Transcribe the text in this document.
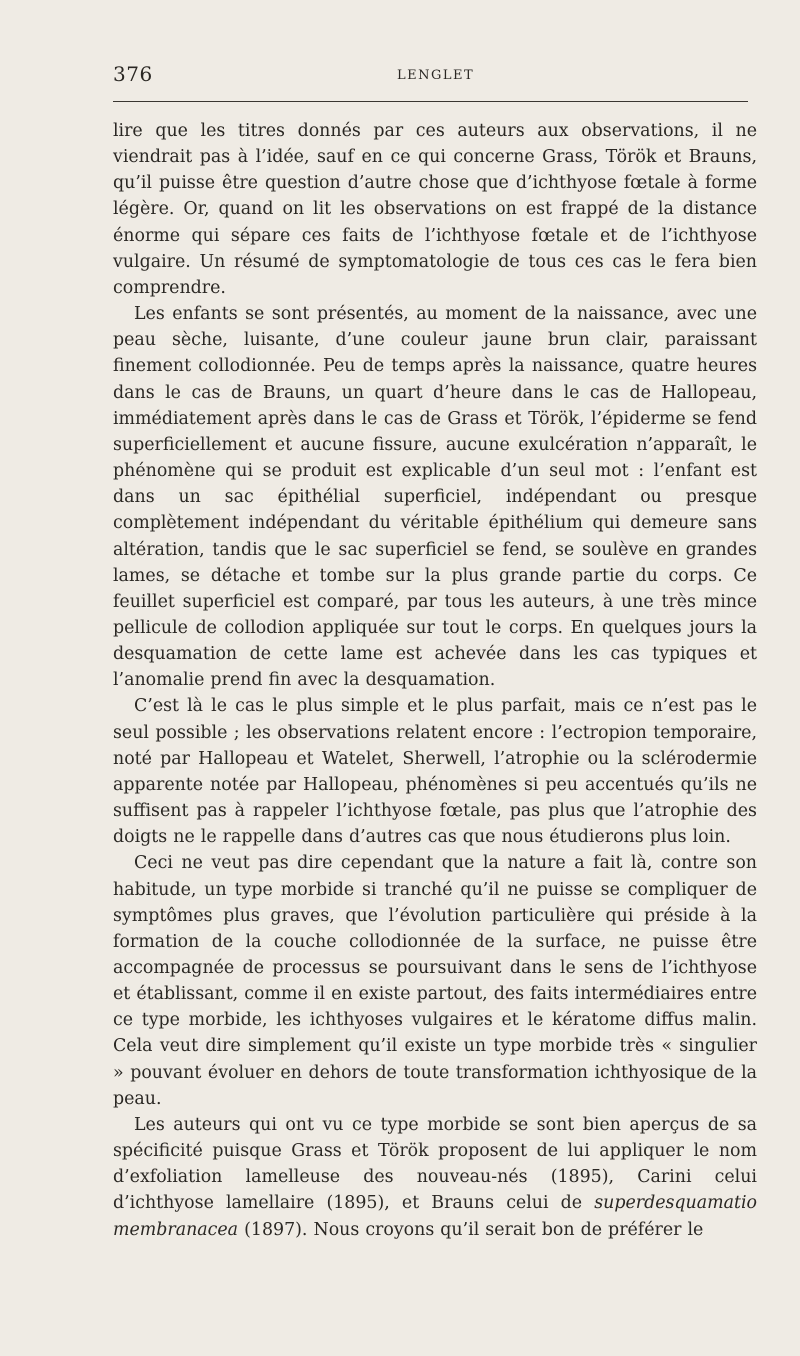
376	LENGLET

lire que les titres donnés par ces auteurs aux observations, il ne viendrait pas à l’idée, sauf en ce qui concerne Grass, Török et Brauns, qu’il puisse être question d’autre chose que d’ichthyose fœtale à forme légère. Or, quand on lit les observations on est frappé de la distance énorme qui sépare ces faits de l’ichthyose fœtale et de l’ichthyose vulgaire. Un résumé de symptomatologie de tous ces cas le fera bien comprendre.

Les enfants se sont présentés, au moment de la naissance, avec une peau sèche, luisante, d’une couleur jaune brun clair, paraissant finement collodionnée. Peu de temps après la naissance, quatre heures dans le cas de Brauns, un quart d’heure dans le cas de Hallopeau, immédiatement après dans le cas de Grass et Török, l’épiderme se fend superficiellement et aucune fissure, aucune exulcération n’apparaît, le phénomène qui se produit est explicable d’un seul mot : l’enfant est dans un sac épithélial superficiel, indépendant ou presque complètement indépendant du véritable épithélium qui demeure sans altération, tandis que le sac superficiel se fend, se soulève en grandes lames, se détache et tombe sur la plus grande partie du corps. Ce feuillet superficiel est comparé, par tous les auteurs, à une très mince pellicule de collodion appliquée sur tout le corps. En quelques jours la desquamation de cette lame est achevée dans les cas typiques et l’anomalie prend fin avec la desquamation.

C’est là le cas le plus simple et le plus parfait, mais ce n’est pas le seul possible ; les observations relatent encore : l’ectropion temporaire, noté par Hallopeau et Watelet, Sherwell, l’atrophie ou la sclérodermie apparente notée par Hallopeau, phénomènes si peu accentués qu’ils ne suffisent pas à rappeler l’ichthyose fœtale, pas plus que l’atrophie des doigts ne le rappelle dans d’autres cas que nous étudierons plus loin.

Ceci ne veut pas dire cependant que la nature a fait là, contre son habitude, un type morbide si tranché qu’il ne puisse se compliquer de symptômes plus graves, que l’évolution particulière qui préside à la formation de la couche collodionnée de la surface, ne puisse être accompagnée de processus se poursuivant dans le sens de l’ichthyose et établissant, comme il en existe partout, des faits intermédiaires entre ce type morbide, les ichthyoses vulgaires et le kératome diffus malin. Cela veut dire simplement qu’il existe un type morbide très « singulier » pouvant évoluer en dehors de toute transformation ichthyosique de la peau.

Les auteurs qui ont vu ce type morbide se sont bien aperçus de sa spécificité puisque Grass et Török proposent de lui appliquer le nom d’exfoliation lamelleuse des nouveau-nés (1895), Carini celui d’ichthyose lamellaire (1895), et Brauns celui de superdesquamatio membranacea (1897). Nous croyons qu’il serait bon de préférer le
